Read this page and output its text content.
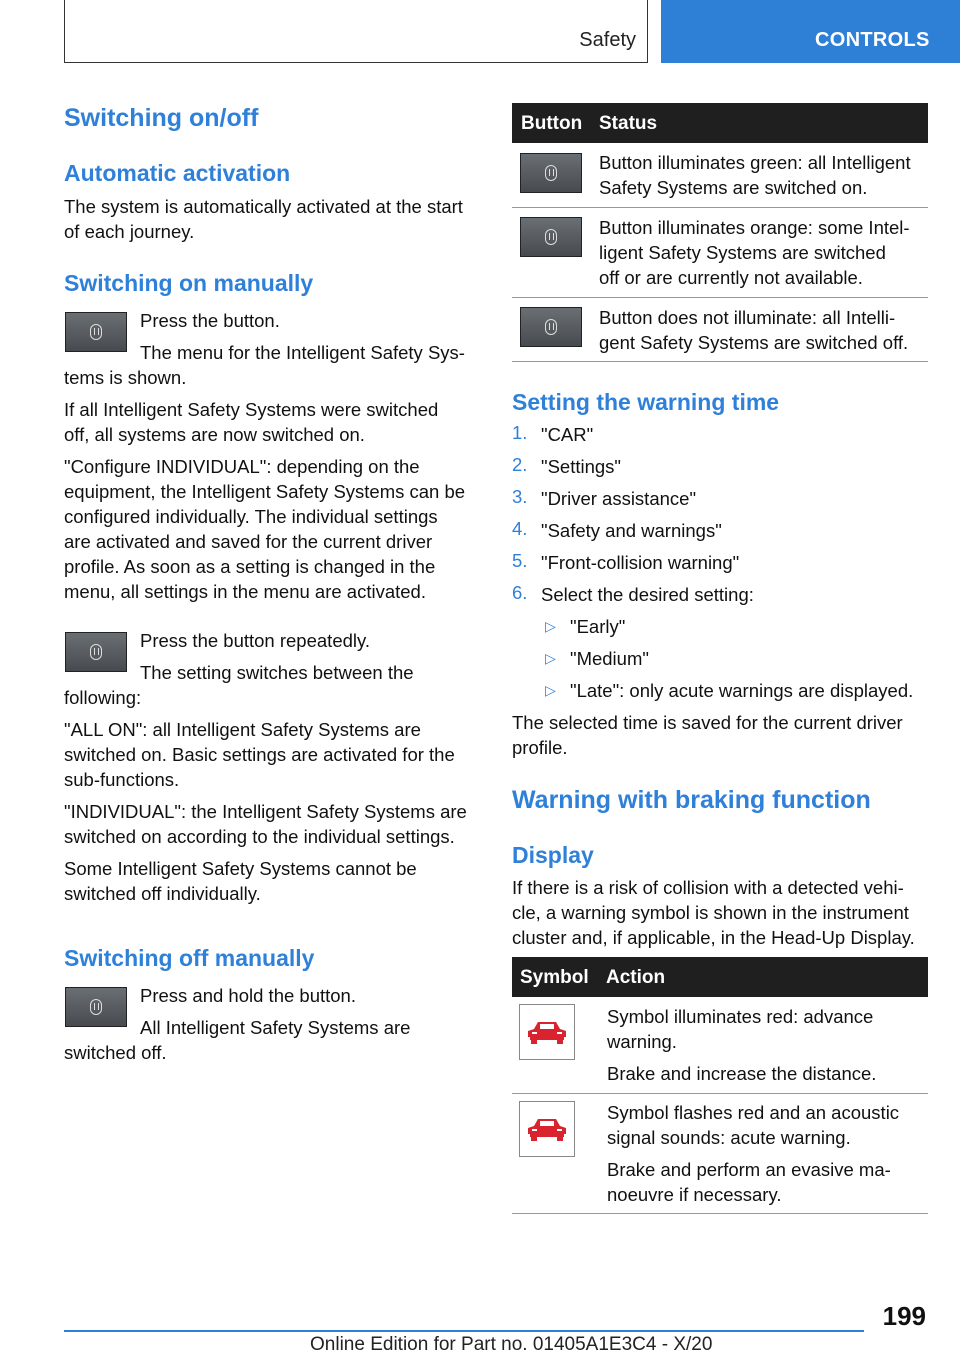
Safety	CONTROLS
Switching on/off
Automatic activation
The system is automatically activated at the start
of each journey.
Switching on manually
Press the button.
The menu for the Intelligent Safety Sys-
tems is shown.
If all Intelligent Safety Systems were switched
off, all systems are now switched on.
"Configure INDIVIDUAL": depending on the
equipment, the Intelligent Safety Systems can be
configured individually. The individual settings
are activated and saved for the current driver
profile. As soon as a setting is changed in the
menu, all settings in the menu are activated.
Press the button repeatedly.
The setting switches between the
following:
"ALL ON": all Intelligent Safety Systems are
switched on. Basic settings are activated for the
sub-functions.
"INDIVIDUAL": the Intelligent Safety Systems are
switched on according to the individual settings.
Some Intelligent Safety Systems cannot be
switched off individually.
Switching off manually
Press and hold the button.
All Intelligent Safety Systems are
switched off.
Button Status
Button illuminates green: all Intelligent
Safety Systems are switched on.
Button illuminates orange: some Intel-
ligent Safety Systems are switched
off or are currently not available.
Button does not illuminate: all Intelli-
gent Safety Systems are switched off.
Setting the warning time
1. "CAR"
2. "Settings"
3. "Driver assistance"
4. "Safety and warnings"
5. "Front-collision warning"
6. Select the desired setting:
▷ "Early"
▷ "Medium"
▷ "Late": only acute warnings are displayed.
The selected time is saved for the current driver
profile.
Warning with braking function
Display
If there is a risk of collision with a detected vehi-
cle, a warning symbol is shown in the instrument
cluster and, if applicable, in the Head-Up Display.
Symbol Action
Symbol illuminates red: advance
warning.
Brake and increase the distance.
Symbol flashes red and an acoustic
signal sounds: acute warning.
Brake and perform an evasive ma-
noeuvre if necessary.
199
Online Edition for Part no. 01405A1E3C4 - X/20
